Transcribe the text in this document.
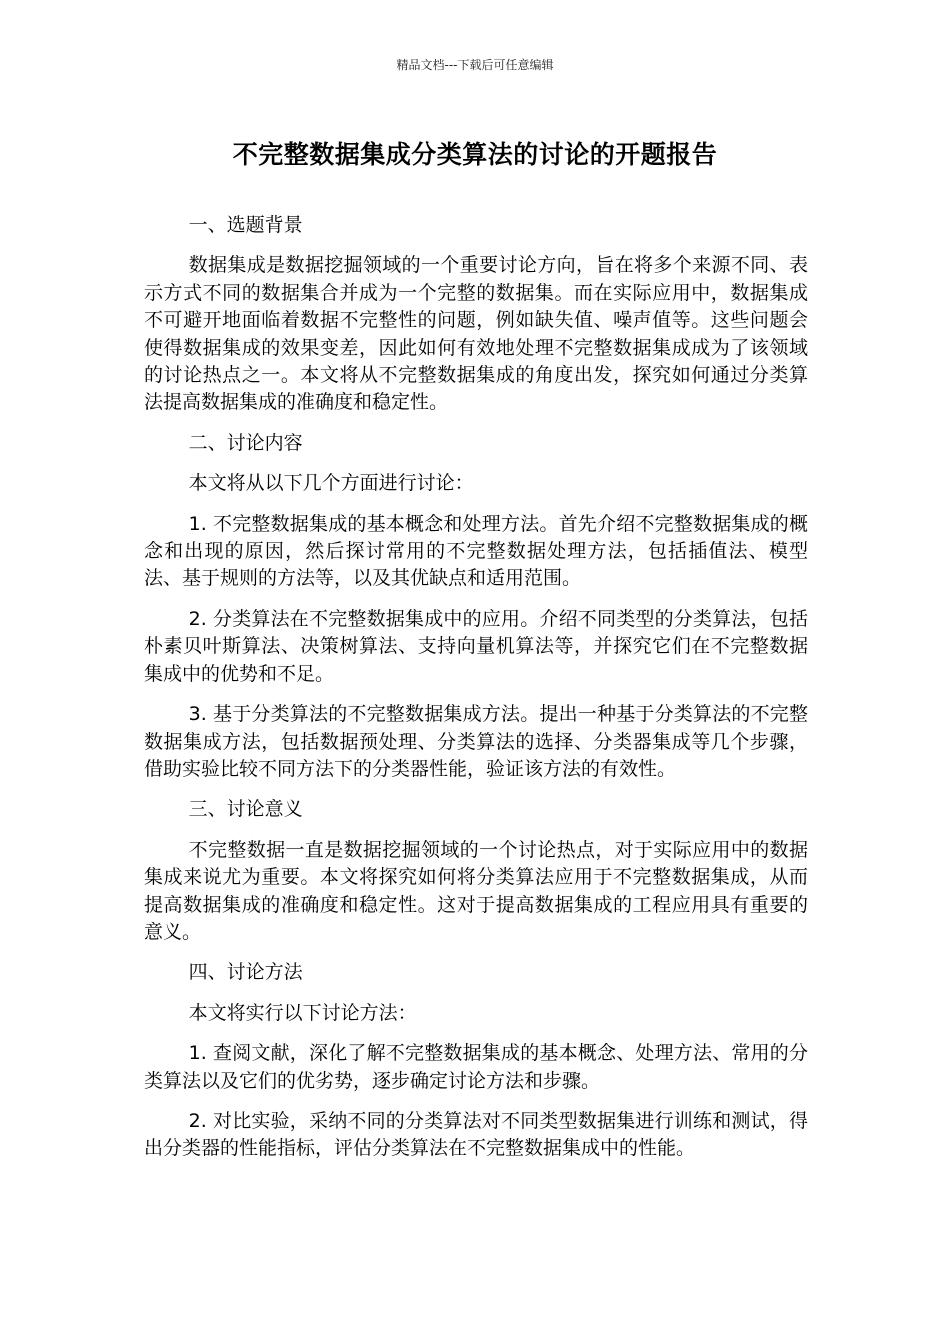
精品文档---下载后可任意编辑
不完整数据集成分类算法的讨论的开题报告

一、选题背景

数据集成是数据挖掘领域的一个重要讨论方向，旨在将多个来源不同、表示方式不同的数据集合并成为一个完整的数据集。而在实际应用中，数据集成不可避开地面临着数据不完整性的问题，例如缺失值、噪声值等。这些问题会使得数据集成的效果变差，因此如何有效地处理不完整数据集成成为了该领域的讨论热点之一。本文将从不完整数据集成的角度出发，探究如何通过分类算法提高数据集成的准确度和稳定性。

二、讨论内容

本文将从以下几个方面进行讨论：

1. 不完整数据集成的基本概念和处理方法。首先介绍不完整数据集成的概念和出现的原因，然后探讨常用的不完整数据处理方法，包括插值法、模型法、基于规则的方法等，以及其优缺点和适用范围。

2. 分类算法在不完整数据集成中的应用。介绍不同类型的分类算法，包括朴素贝叶斯算法、决策树算法、支持向量机算法等，并探究它们在不完整数据集成中的优势和不足。

3. 基于分类算法的不完整数据集成方法。提出一种基于分类算法的不完整数据集成方法，包括数据预处理、分类算法的选择、分类器集成等几个步骤，借助实验比较不同方法下的分类器性能，验证该方法的有效性。

三、讨论意义

不完整数据一直是数据挖掘领域的一个讨论热点，对于实际应用中的数据集成来说尤为重要。本文将探究如何将分类算法应用于不完整数据集成，从而提高数据集成的准确度和稳定性。这对于提高数据集成的工程应用具有重要的意义。

四、讨论方法

本文将实行以下讨论方法：

1. 查阅文献，深化了解不完整数据集成的基本概念、处理方法、常用的分类算法以及它们的优劣势，逐步确定讨论方法和步骤。

2. 对比实验，采纳不同的分类算法对不同类型数据集进行训练和测试，得出分类器的性能指标，评估分类算法在不完整数据集成中的性能。
